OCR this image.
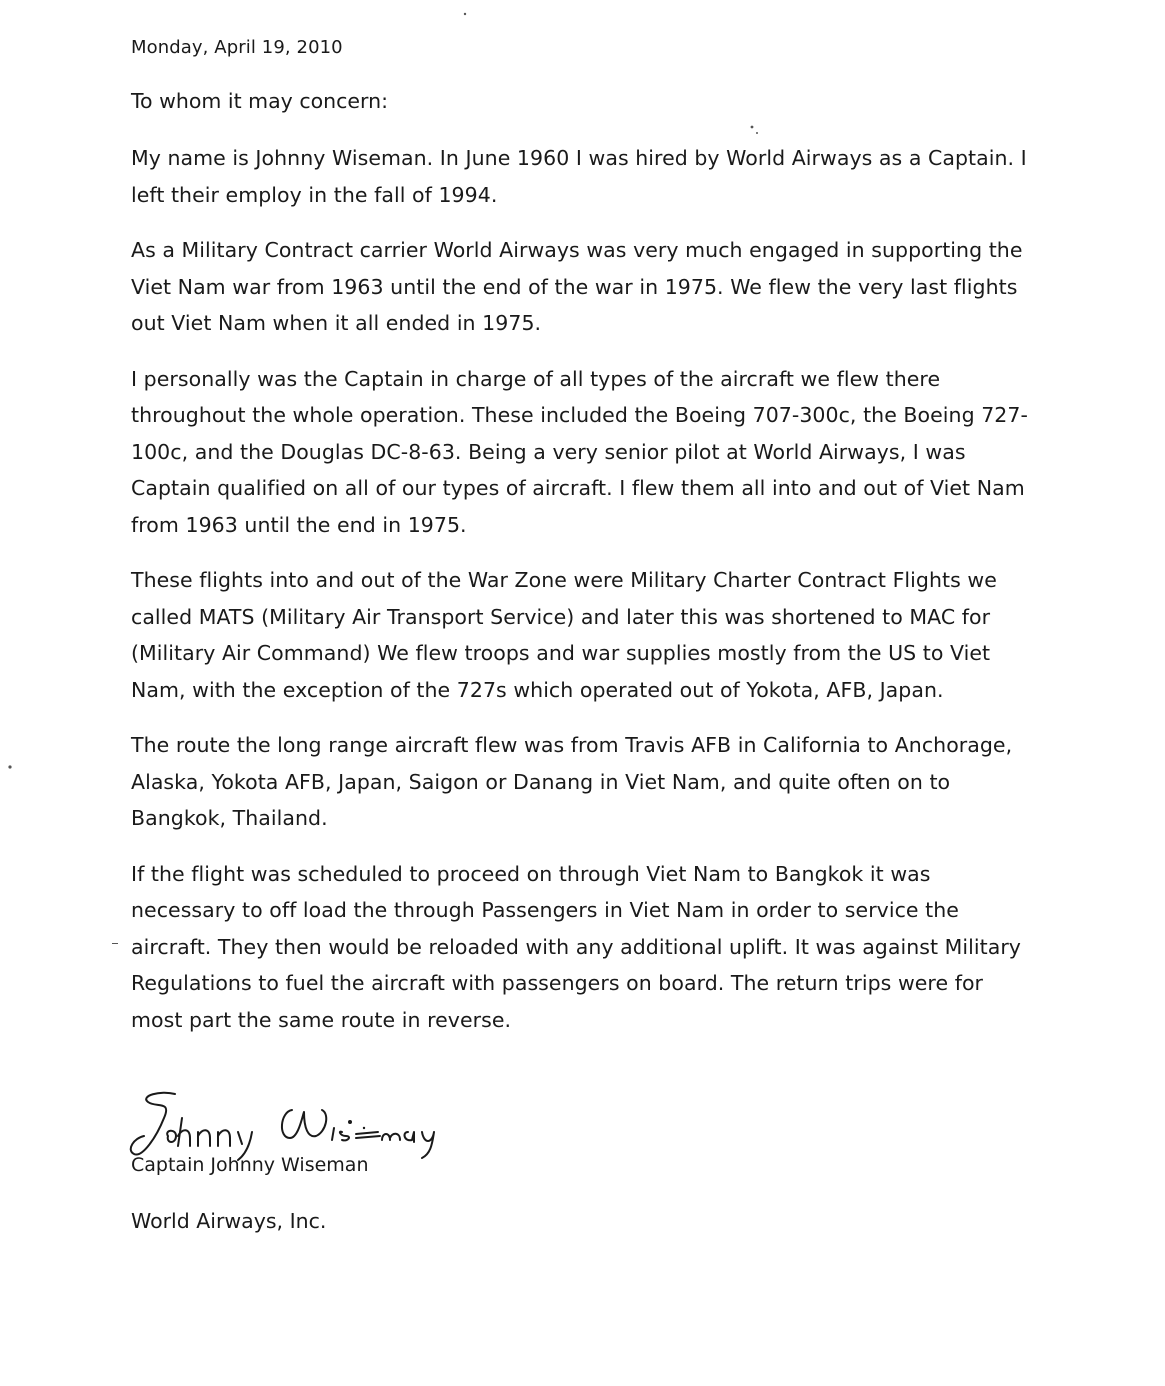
Monday, April 19, 2010
To whom it may concern:

My name is Johnny Wiseman. In June 1960 I was hired by World Airways as a Captain. I left their employ in the fall of 1994.

As a Military Contract carrier World Airways was very much engaged in supporting the Viet Nam war from 1963 until the end of the war in 1975. We flew the very last flights out Viet Nam when it all ended in 1975.

I personally was the Captain in charge of all types of the aircraft we flew there throughout the whole operation. These included the Boeing 707-300c, the Boeing 727-100c, and the Douglas DC-8-63. Being a very senior pilot at World Airways, I was Captain qualified on all of our types of aircraft. I flew them all into and out of Viet Nam from 1963 until the end in 1975.

These flights into and out of the War Zone were Military Charter Contract Flights we called MATS (Military Air Transport Service) and later this was shortened to MAC for (Military Air Command) We flew troops and war supplies mostly from the US to Viet Nam, with the exception of the 727s which operated out of Yokota, AFB, Japan.

The route the long range aircraft flew was from Travis AFB in California to Anchorage, Alaska, Yokota AFB, Japan, Saigon or Danang in Viet Nam, and quite often on to Bangkok, Thailand.

If the flight was scheduled to proceed on through Viet Nam to Bangkok it was necessary to off load the through Passengers in Viet Nam in order to service the aircraft. They then would be reloaded with any additional uplift. It was against Military Regulations to fuel the aircraft with passengers on board. The return trips were for most part the same route in reverse.

Captain Johnny Wiseman
World Airways, Inc.
